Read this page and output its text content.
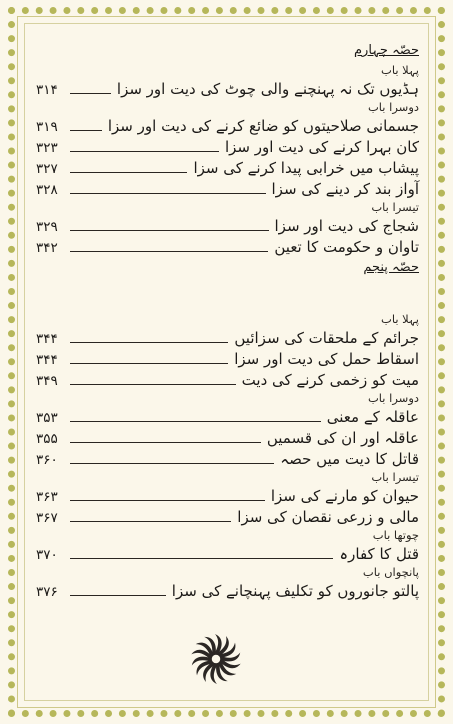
حصّہ چہارم
پہلا باب
ہڈیوں تک نہ پہنچنے والی چوٹ کی دیت اور سزا
۳۱۴
دوسرا باب
جسمانی صلاحیتوں کو ضائع کرنے کی دیت اور سزا
۳۱۹
کان بہرا کرنے کی دیت اور سزا
۳۲۳
پیشاب میں خرابی پیدا کرنے کی سزا
۳۲۷
آواز بند کر دینے کی سزا
۳۲۸
تیسرا باب
شجاج کی دیت اور سزا
۳۲۹
تاوان و حکومت کا تعین
۳۴۲
حصّہ پنجم
پہلا باب
جرائم کے ملحقات کی سزائیں
۳۴۴
اسقاط حمل کی دیت اور سزا
۳۴۴
میت کو زخمی کرنے کی دیت
۳۴۹
دوسرا باب
عاقلہ کے معنی
۳۵۳
عاقلہ اور ان کی قسمیں
۳۵۵
قاتل کا دیت میں حصہ
۳۶۰
تیسرا باب
حیوان کو مارنے کی سزا
۳۶۳
مالی و زرعی نقصان کی سزا
۳۶۷
چوتھا باب
قتل کا کفارہ
۳۷۰
پانچواں باب
پالتو جانوروں کو تکلیف پہنچانے کی سزا
۳۷۶
